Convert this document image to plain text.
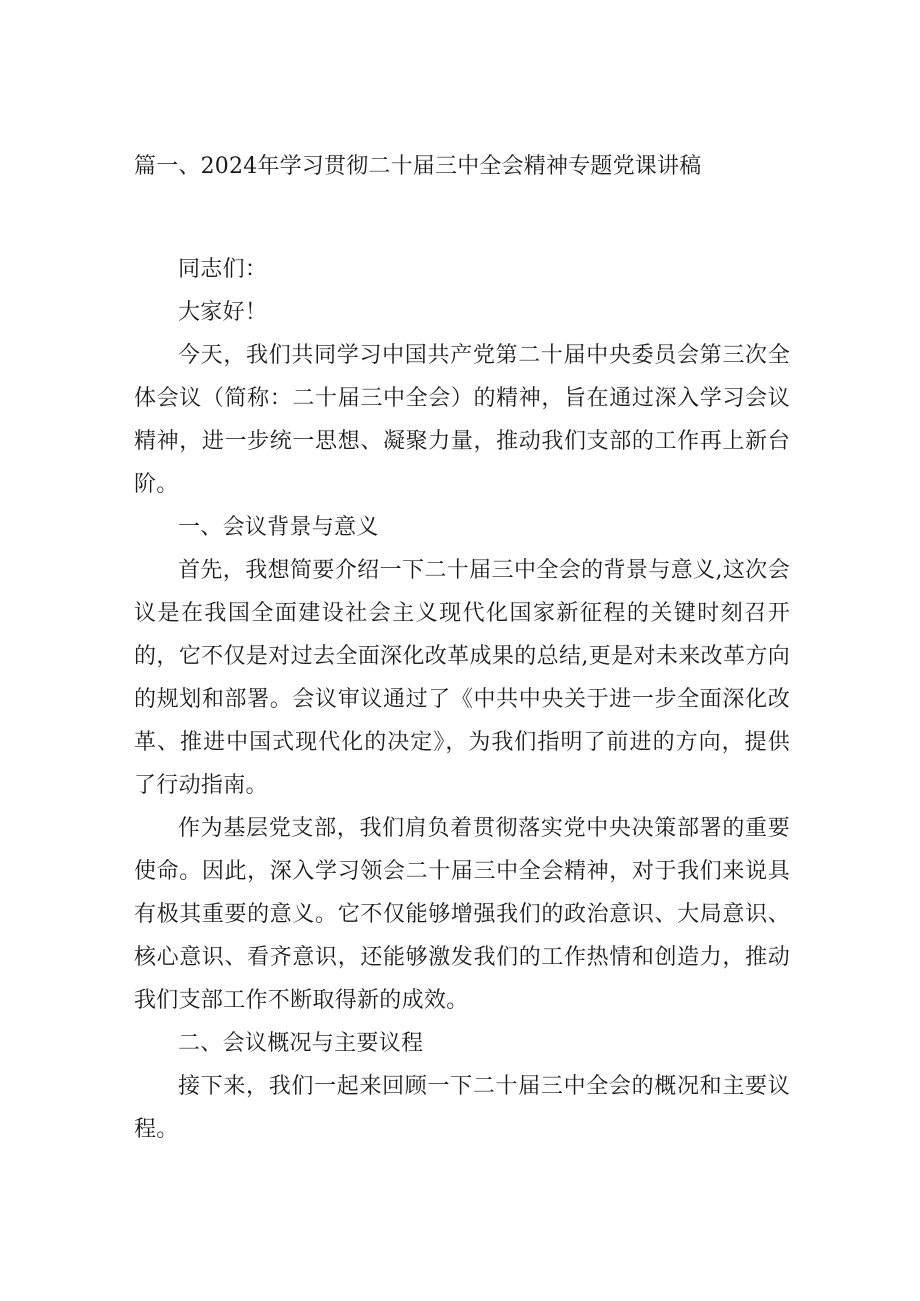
篇一、2024年学习贯彻二十届三中全会精神专题党课讲稿

同志们：

大家好！

今天，我们共同学习中国共产党第二十届中央委员会第三次全体会议（简称：二十届三中全会）的精神，旨在通过深入学习会议精神，进一步统一思想、凝聚力量，推动我们支部的工作再上新台阶。

一、会议背景与意义

首先，我想简要介绍一下二十届三中全会的背景与意义,这次会议是在我国全面建设社会主义现代化国家新征程的关键时刻召开的，它不仅是对过去全面深化改革成果的总结,更是对未来改革方向的规划和部署。会议审议通过了《中共中央关于进一步全面深化改革、推进中国式现代化的决定》，为我们指明了前进的方向，提供了行动指南。

作为基层党支部，我们肩负着贯彻落实党中央决策部署的重要使命。因此，深入学习领会二十届三中全会精神，对于我们来说具有极其重要的意义。它不仅能够增强我们的政治意识、大局意识、核心意识、看齐意识，还能够激发我们的工作热情和创造力，推动我们支部工作不断取得新的成效。

二、会议概况与主要议程

接下来，我们一起来回顾一下二十届三中全会的概况和主要议程。
